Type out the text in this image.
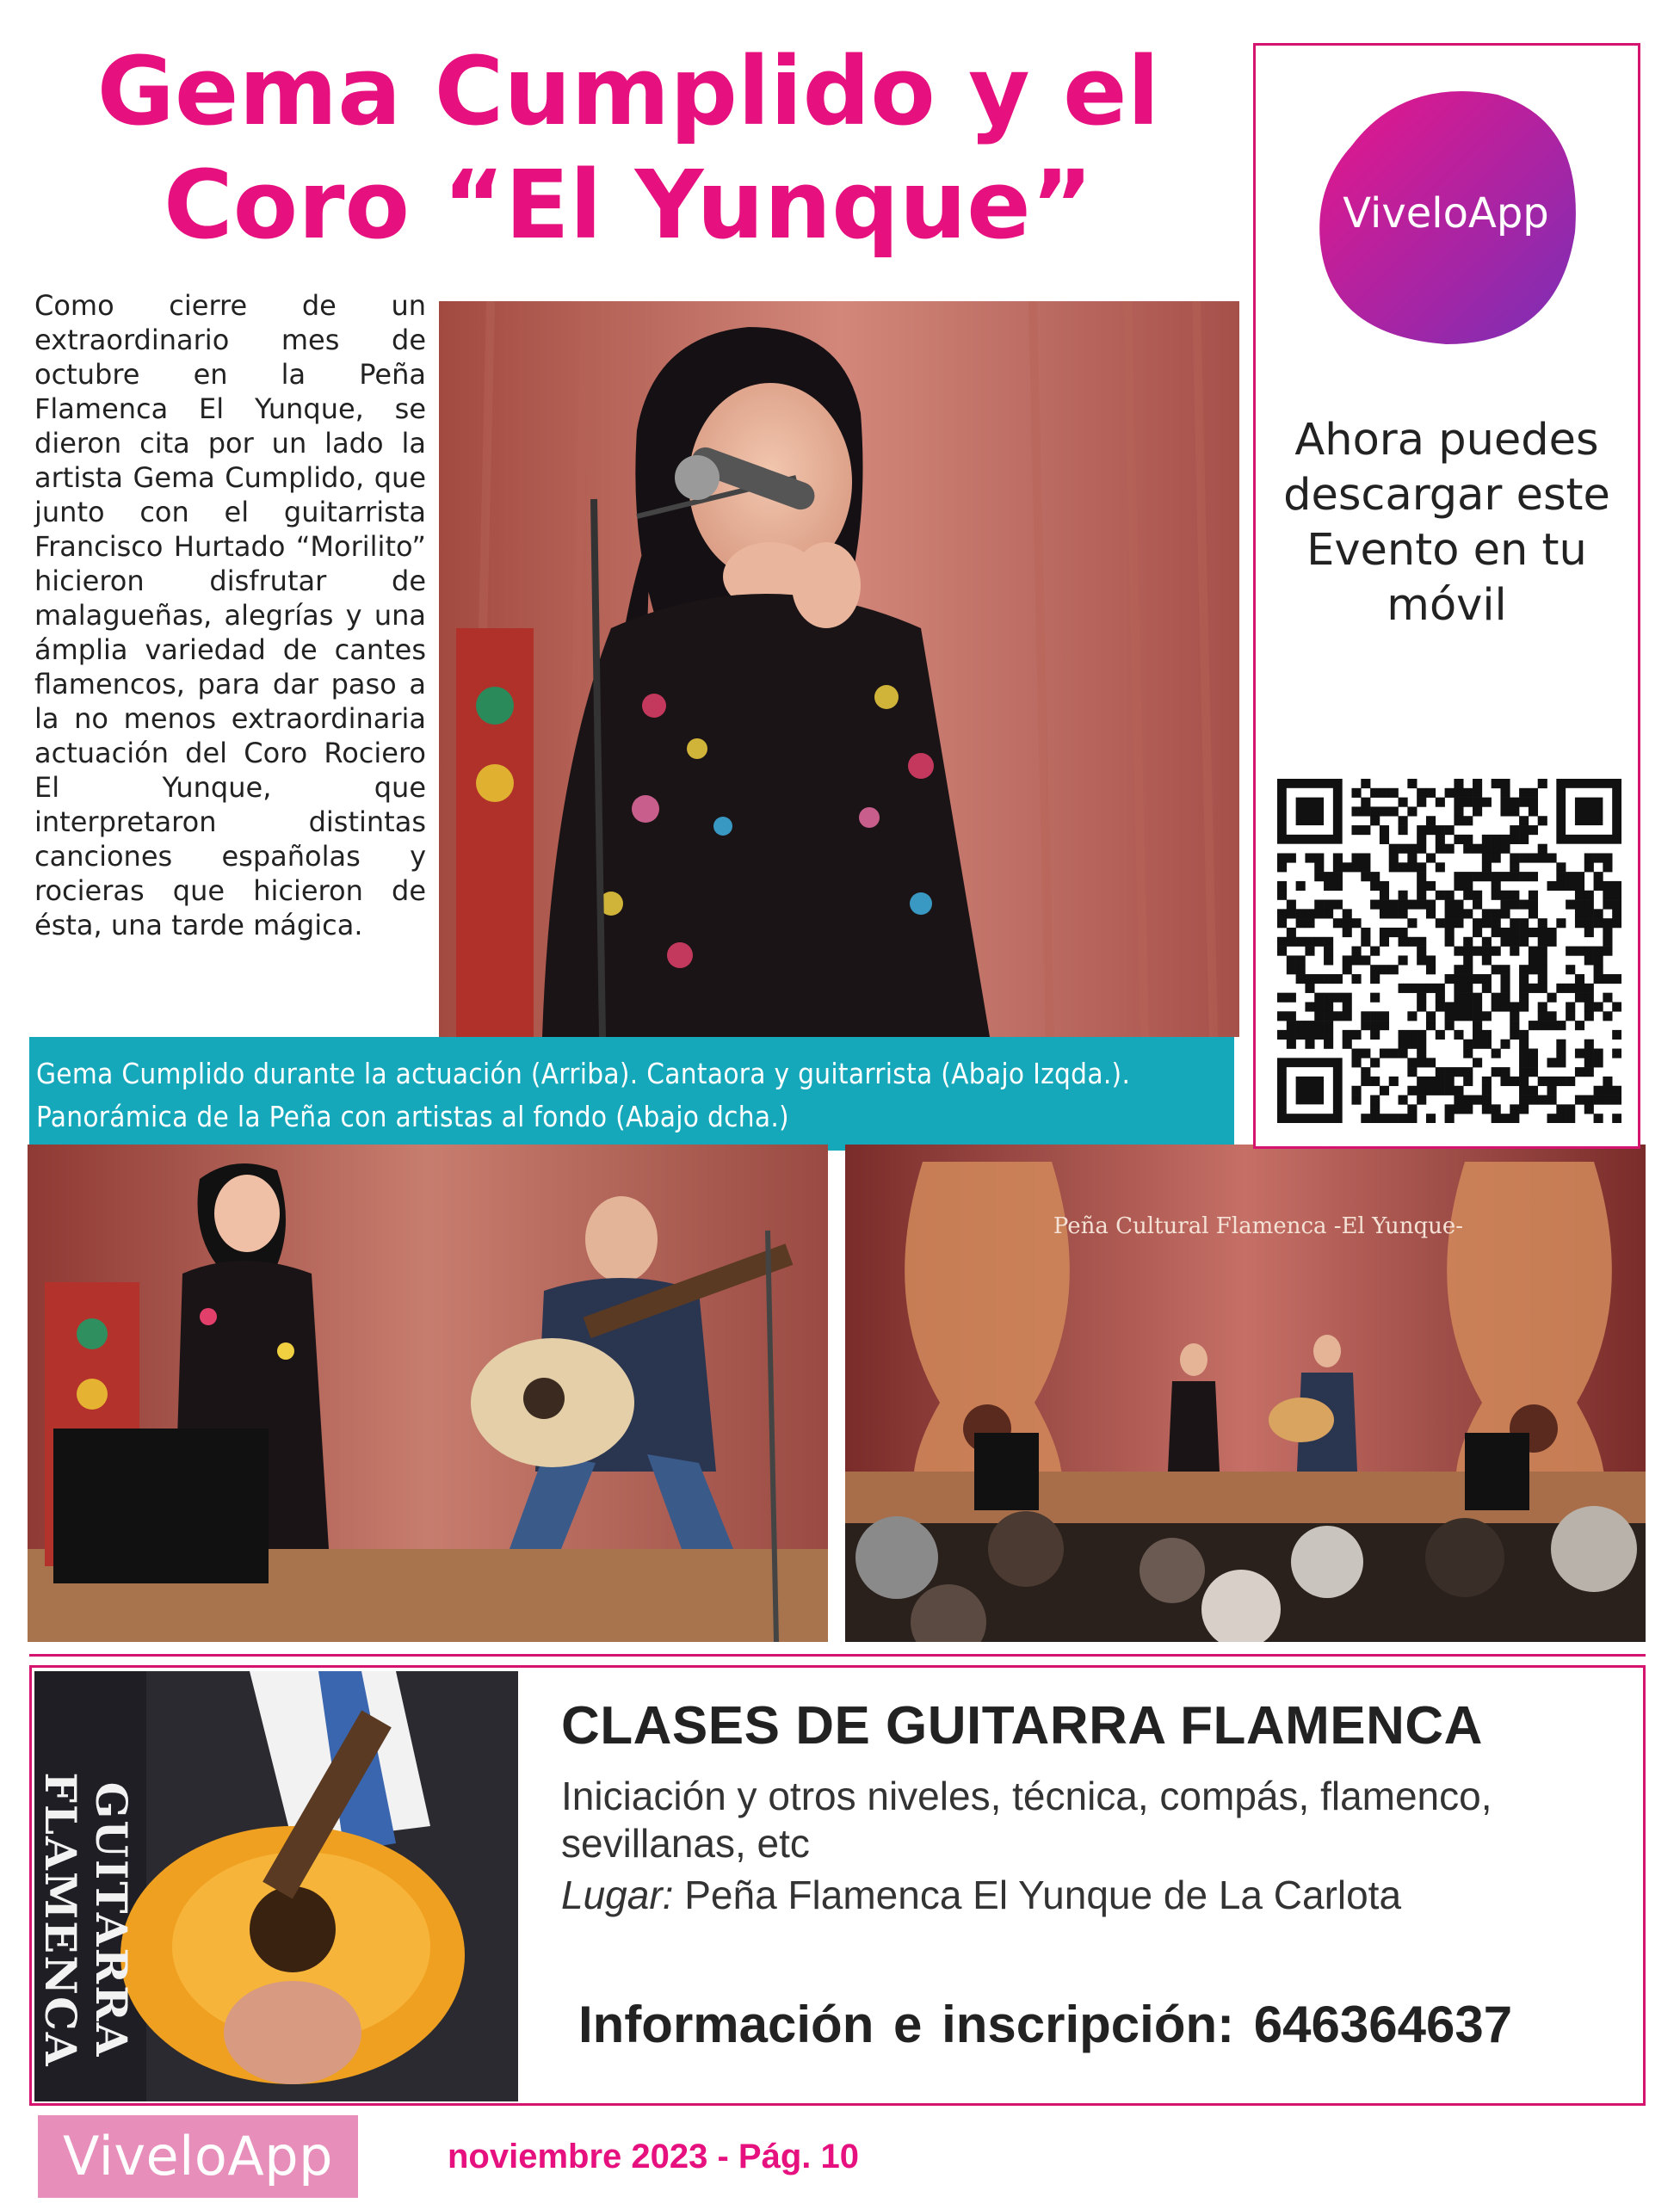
Gema Cumplido y el Coro “El Yunque”
Como cierre de un extraordinario mes de octubre en la Peña Flamenca El Yunque, se dieron cita por un lado la artista Gema Cumplido, que junto con el guitarrista Francisco Hurtado “Morilito” hicieron disfrutar de malagueñas, alegrías y una ámplia variedad de cantes flamencos, para dar paso a la no menos extraordinaria actuación del Coro Rociero El Yunque, que interpretaron distintas canciones españolas y rocieras que hicieron de ésta, una tarde mágica.
Gema Cumplido durante la actuación (Arriba). Cantaora y guitarrista (Abajo Izqda.). Panorámica de la Peña con artistas al fondo (Abajo dcha.)
Peña Cultural Flamenca -El Yunque-
ViveloApp
Ahora puedes descargar este Evento en tu móvil
GUITARRA FLAMENCA
CLASES DE GUITARRA FLAMENCA
Iniciación y otros niveles, técnica, compás, flamenco, sevillanas, etc
Lugar: Peña Flamenca El Yunque de La Carlota
Información e inscripción: 646364637
ViveloApp	noviembre 2023 - Pág. 10
